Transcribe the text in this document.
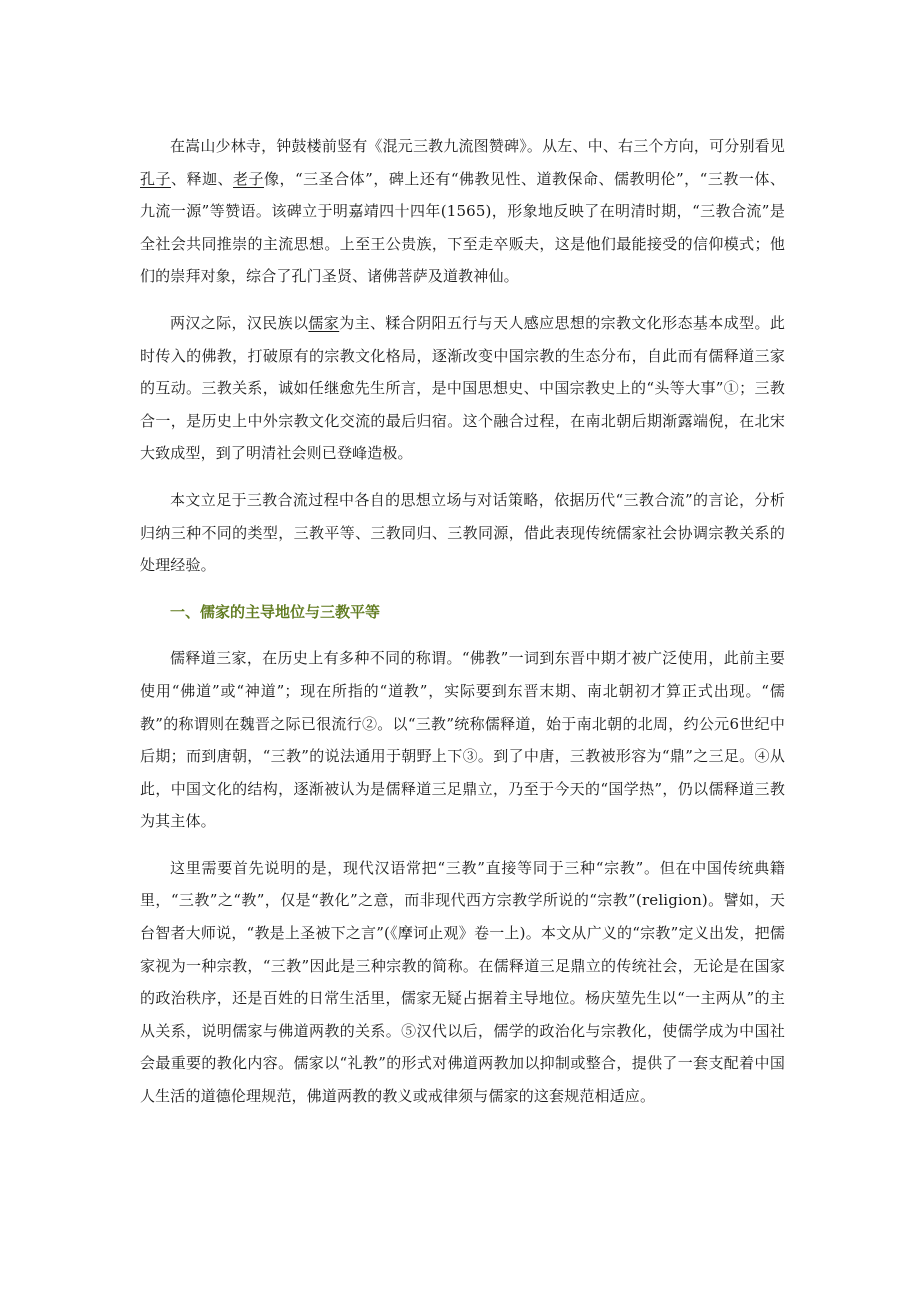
在嵩山少林寺，钟鼓楼前竖有《混元三教九流图赞碑》。从左、中、右三个方向，可分别看见孔子、释迦、老子像，“三圣合体”，碑上还有“佛教见性、道教保命、儒教明伦”，“三教一体、九流一源”等赞语。该碑立于明嘉靖四十四年(1565)，形象地反映了在明清时期，“三教合流”是全社会共同推崇的主流思想。上至王公贵族，下至走卒贩夫，这是他们最能接受的信仰模式；他们的崇拜对象，综合了孔门圣贤、诸佛菩萨及道教神仙。

两汉之际，汉民族以儒家为主、糅合阴阳五行与天人感应思想的宗教文化形态基本成型。此时传入的佛教，打破原有的宗教文化格局，逐渐改变中国宗教的生态分布，自此而有儒释道三家的互动。三教关系，诚如任继愈先生所言，是中国思想史、中国宗教史上的“头等大事”①；三教合一，是历史上中外宗教文化交流的最后归宿。这个融合过程，在南北朝后期渐露端倪，在北宋大致成型，到了明清社会则已登峰造极。

本文立足于三教合流过程中各自的思想立场与对话策略，依据历代“三教合流”的言论，分析归纳三种不同的类型，三教平等、三教同归、三教同源，借此表现传统儒家社会协调宗教关系的处理经验。

一、儒家的主导地位与三教平等

儒释道三家，在历史上有多种不同的称谓。“佛教”一词到东晋中期才被广泛使用，此前主要使用“佛道”或“神道”；现在所指的“道教”，实际要到东晋末期、南北朝初才算正式出现。“儒教”的称谓则在魏晋之际已很流行②。以“三教”统称儒释道，始于南北朝的北周，约公元6世纪中后期；而到唐朝，“三教”的说法通用于朝野上下③。到了中唐，三教被形容为“鼎”之三足。④从此，中国文化的结构，逐渐被认为是儒释道三足鼎立，乃至于今天的“国学热”，仍以儒释道三教为其主体。

这里需要首先说明的是，现代汉语常把“三教”直接等同于三种“宗教”。但在中国传统典籍里，“三教”之“教”，仅是“教化”之意，而非现代西方宗教学所说的“宗教”(religion)。譬如，天台智者大师说，“教是上圣被下之言”(《摩诃止观》卷一上)。本文从广义的“宗教”定义出发，把儒家视为一种宗教，“三教”因此是三种宗教的简称。在儒释道三足鼎立的传统社会，无论是在国家的政治秩序，还是百姓的日常生活里，儒家无疑占据着主导地位。杨庆堃先生以“一主两从”的主从关系，说明儒家与佛道两教的关系。⑤汉代以后，儒学的政治化与宗教化，使儒学成为中国社会最重要的教化内容。儒家以“礼教”的形式对佛道两教加以抑制或整合，提供了一套支配着中国人生活的道德伦理规范，佛道两教的教义或戒律须与儒家的这套规范相适应。
